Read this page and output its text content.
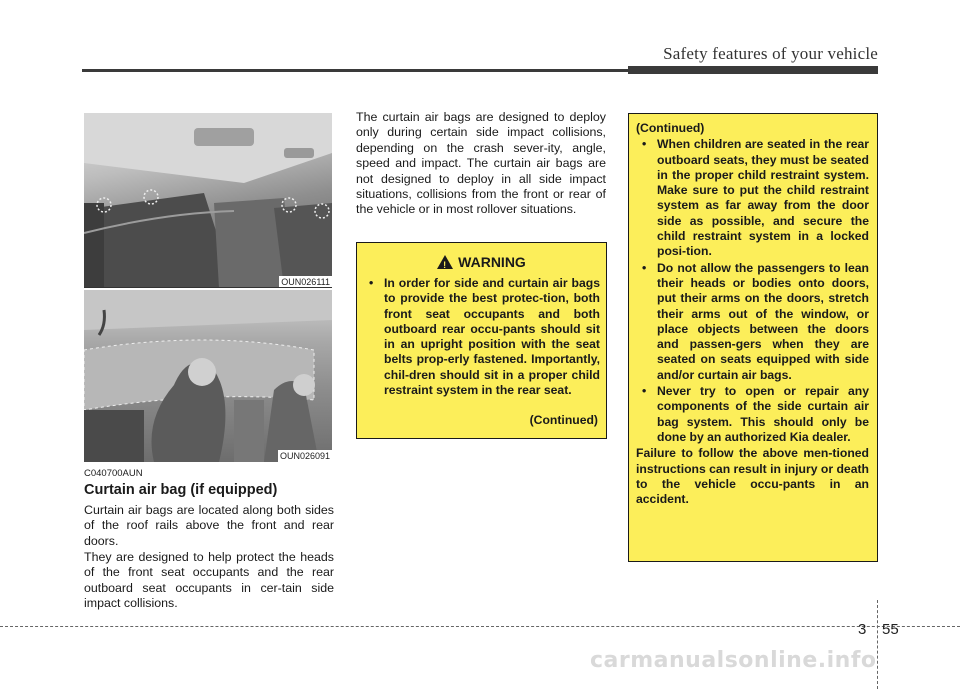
Safety features of your vehicle
OUN026111
OUN026091
C040700AUN
Curtain air bag (if equipped)
Curtain air bags are located along both sides of the roof rails above the front and rear doors.
They are designed to help protect the heads of the front seat occupants and the rear outboard seat occupants in cer-tain side impact collisions.
The curtain air bags are designed to deploy only during certain side impact collisions, depending on the crash sever-ity, angle, speed and impact. The curtain air bags are not designed to deploy in all side impact situations, collisions from the front or rear of the vehicle or in most rollover situations.
!WARNING
• In order for side and curtain air bags to provide the best protec-tion, both front seat occupants and both outboard rear occu-pants should sit in an upright position with the seat belts prop-erly fastened. Importantly, chil-dren should sit in a proper child restraint system in the rear seat.
(Continued)
(Continued)
• When children are seated in the rear outboard seats, they must be seated in the proper child restraint system. Make sure to put the child restraint system as far away from the door side as possible, and secure the child restraint system in a locked posi-tion.
• Do not allow the passengers to lean their heads or bodies onto doors, put their arms on the doors, stretch their arms out of the window, or place objects between the doors and passen-gers when they are seated on seats equipped with side and/or curtain air bags.
• Never try to open or repair any components of the side curtain air bag system. This should only be done by an authorized Kia dealer.
Failure to follow the above men-tioned instructions can result in injury or death to the vehicle occu-pants in an accident.
3 55
carmanualsonline.info
